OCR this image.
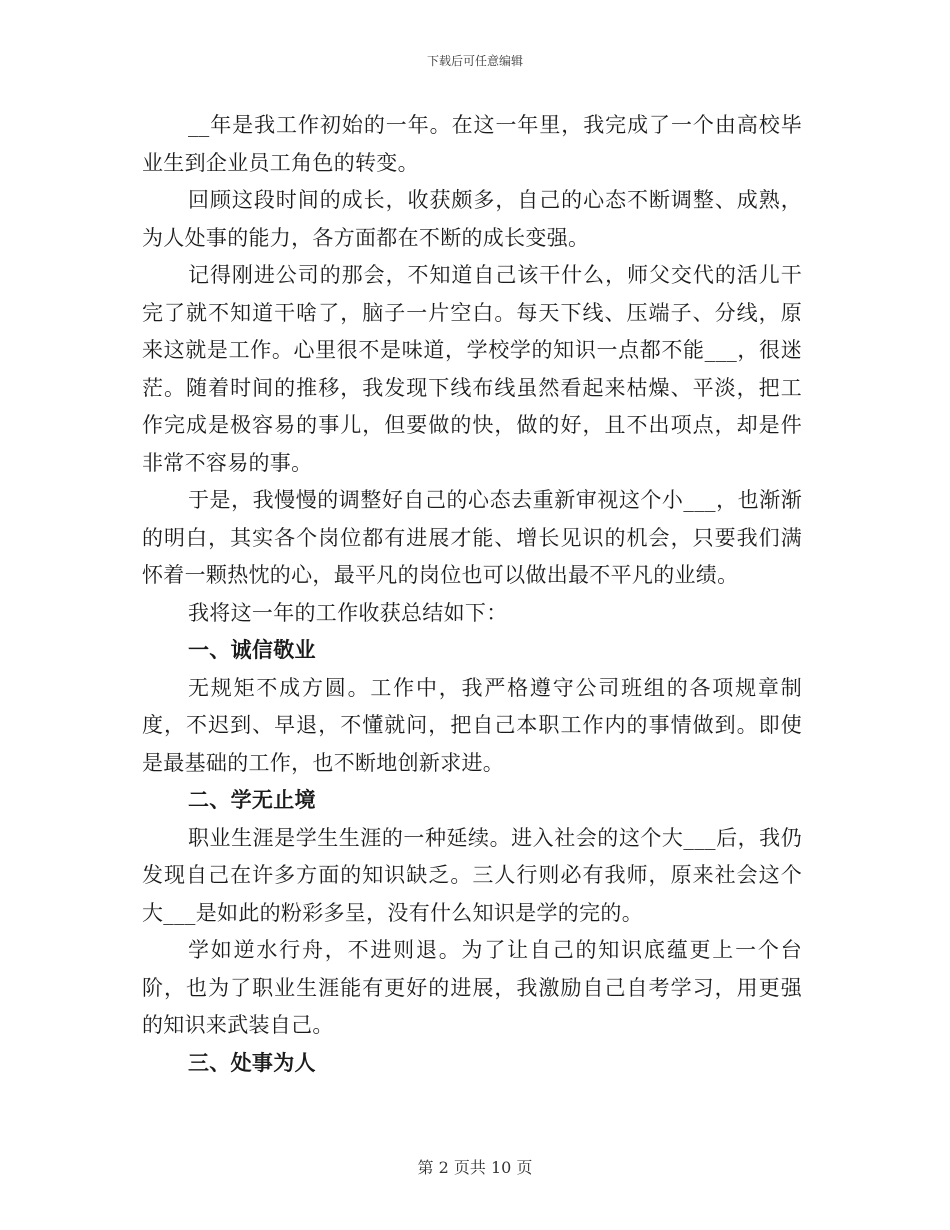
下载后可任意编辑

__年是我工作初始的一年。在这一年里，我完成了一个由高校毕业生到企业员工角色的转变。

回顾这段时间的成长，收获颇多，自己的心态不断调整、成熟，为人处事的能力，各方面都在不断的成长变强。

记得刚进公司的那会，不知道自己该干什么，师父交代的活儿干完了就不知道干啥了，脑子一片空白。每天下线、压端子、分线，原来这就是工作。心里很不是味道，学校学的知识一点都不能___，很迷茫。随着时间的推移，我发现下线布线虽然看起来枯燥、平淡，把工作完成是极容易的事儿，但要做的快，做的好，且不出项点，却是件非常不容易的事。

于是，我慢慢的调整好自己的心态去重新审视这个小___，也渐渐的明白，其实各个岗位都有进展才能、增长见识的机会，只要我们满怀着一颗热忱的心，最平凡的岗位也可以做出最不平凡的业绩。

我将这一年的工作收获总结如下：

一、诚信敬业

无规矩不成方圆。工作中，我严格遵守公司班组的各项规章制度，不迟到、早退，不懂就问，把自己本职工作内的事情做到。即使是最基础的工作，也不断地创新求进。

二、学无止境

职业生涯是学生生涯的一种延续。进入社会的这个大___后，我仍发现自己在许多方面的知识缺乏。三人行则必有我师，原来社会这个大___是如此的粉彩多呈，没有什么知识是学的完的。

学如逆水行舟，不进则退。为了让自己的知识底蕴更上一个台阶，也为了职业生涯能有更好的进展，我激励自己自考学习，用更强的知识来武装自己。

三、处事为人

第 2 页共 10 页
